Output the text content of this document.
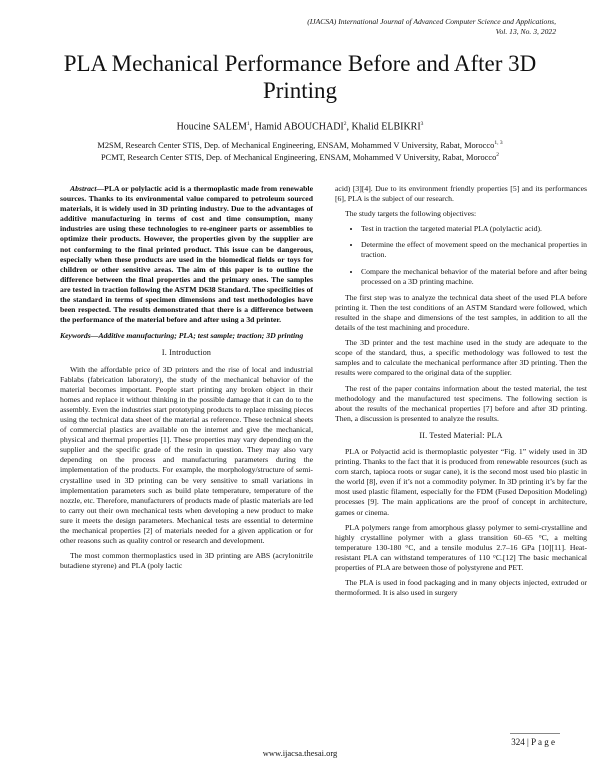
(IJACSA) International Journal of Advanced Computer Science and Applications,
Vol. 13, No. 3, 2022
PLA Mechanical Performance Before and After 3D Printing
Houcine SALEM$^1$, Hamid ABOUCHADI$^2$, Khalid ELBIKRI$^3$
M2SM, Research Center STIS, Dep. of Mechanical Engineering, ENSAM, Mohammed V University, Rabat, Morocco$^{1, 3}$
PCMT, Research Center STIS, Dep. of Mechanical Engineering, ENSAM, Mohammed V University, Rabat, Morocco$^2$

Abstract—PLA or polylactic acid is a thermoplastic made from renewable sources. Thanks to its environmental value compared to petroleum sourced materials, it is widely used in 3D printing industry. Due to the advantages of additive manufacturing in terms of cost and time consumption, many industries are using these technologies to re-engineer parts or assemblies to optimize their products. However, the properties given by the supplier are not conforming to the final printed product. This issue can be dangerous, especially when these products are used in the biomedical fields or toys for children or other sensitive areas. The aim of this paper is to outline the difference between the final properties and the primary ones. The samples are tested in traction following the ASTM D638 Standard. The specificities of the standard in terms of specimen dimensions and test methodologies have been respected. The results demonstrated that there is a difference between the performance of the material before and after using a 3d printer.

Keywords—Additive manufacturing; PLA; test sample; traction; 3D printing

I. Introduction

With the affordable price of 3D printers and the rise of local and industrial Fablabs (fabrication laboratory), the study of the mechanical behavior of the material becomes important. People start printing any broken object in their homes and replace it without thinking in the possible damage that it can do to the assembly. Even the industries start prototyping products to replace missing pieces using the technical data sheet of the material as reference. These technical sheets of commercial plastics are available on the internet and give the mechanical, physical and thermal properties [1]. These properties may vary depending on the supplier and the specific grade of the resin in question. They may also vary depending on the process and manufacturing parameters during the implementation of the products. For example, the morphology/structure of semi-crystalline used in 3D printing can be very sensitive to small variations in implementation parameters such as build plate temperature, temperature of the nozzle, etc. Therefore, manufacturers of products made of plastic materials are led to carry out their own mechanical tests when developing a new product to make sure it meets the design parameters. Mechanical tests are essential to determine the mechanical properties [2] of materials needed for a given application or for other reasons such as quality control or research and development.

The most common thermoplastics used in 3D printing are ABS (acrylonitrile butadiene styrene) and PLA (poly lactic

acid) [3][4]. Due to its environment friendly properties [5] and its performances [6], PLA is the subject of our research.

The study targets the following objectives:

• Test in traction the targeted material PLA (polylactic acid).
• Determine the effect of movement speed on the mechanical properties in traction.
• Compare the mechanical behavior of the material before and after being processed on a 3D printing machine.

The first step was to analyze the technical data sheet of the used PLA before printing it. Then the test conditions of an ASTM Standard were followed, which resulted in the shape and dimensions of the test samples, in addition to all the details of the test machining and procedure.

The 3D printer and the test machine used in the study are adequate to the scope of the standard, thus, a specific methodology was followed to test the samples and to calculate the mechanical performance after 3D printing. Then the results were compared to the original data of the supplier.

The rest of the paper contains information about the tested material, the test methodology and the manufactured test specimens. The following section is about the results of the mechanical properties [7] before and after 3D printing. Then, a discussion is presented to analyze the results.

II. Tested Material: PLA

PLA or Polyactid acid is thermoplastic polyester “Fig. 1” widely used in 3D printing. Thanks to the fact that it is produced from renewable resources (such as corn starch, tapioca roots or sugar cane), it is the second most used bio plastic in the world [8], even if it’s not a commodity polymer. In 3D printing it’s by far the most used plastic filament, especially for the FDM (Fused Deposition Modeling) processes [9]. The main applications are the proof of concept in architecture, games or cinema.

PLA polymers range from amorphous glassy polymer to semi-crystalline and highly crystalline polymer with a glass transition 60–65 °C, a melting temperature 130-180 °C, and a tensile modulus 2.7–16 GPa [10][11]. Heat-resistant PLA can withstand temperatures of 110 °C.[12] The basic mechanical properties of PLA are between those of polystyrene and PET.

The PLA is used in food packaging and in many objects injected, extruded or thermoformed. It is also used in surgery

324 | P a g e
www.ijacsa.thesai.org
